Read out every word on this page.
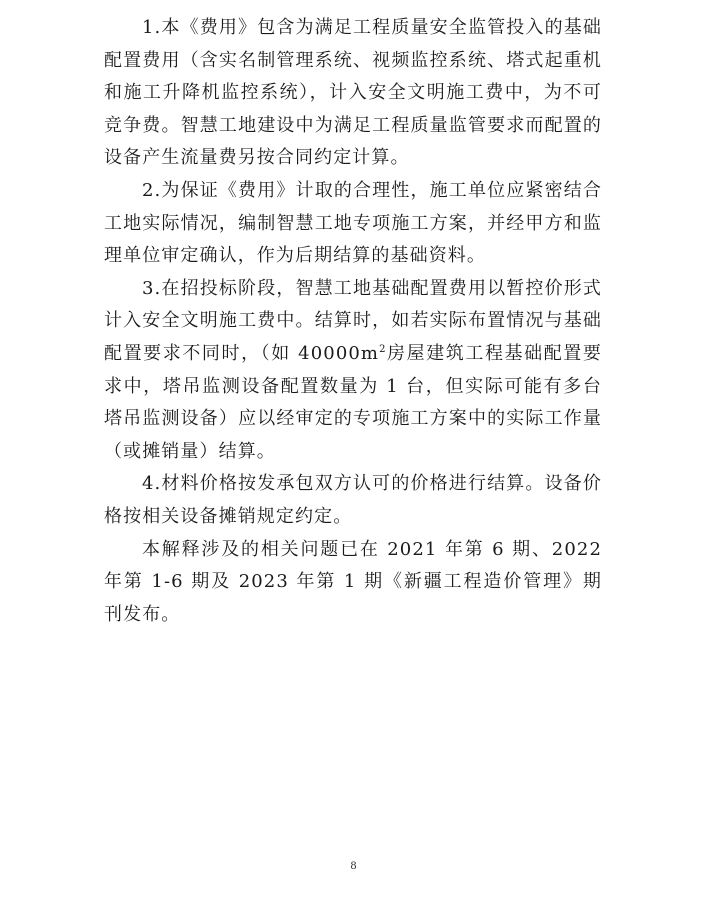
1.本《费用》包含为满足工程质量安全监管投入的基础配置费用（含实名制管理系统、视频监控系统、塔式起重机和施工升降机监控系统），计入安全文明施工费中，为不可竞争费。智慧工地建设中为满足工程质量监管要求而配置的设备产生流量费另按合同约定计算。

2.为保证《费用》计取的合理性，施工单位应紧密结合工地实际情况，编制智慧工地专项施工方案，并经甲方和监理单位审定确认，作为后期结算的基础资料。

3.在招投标阶段，智慧工地基础配置费用以暂控价形式计入安全文明施工费中。结算时，如若实际布置情况与基础配置要求不同时，（如 $40000m^2$房屋建筑工程基础配置要求中，塔吊监测设备配置数量为 1 台，但实际可能有多台塔吊监测设备）应以经审定的专项施工方案中的实际工作量（或摊销量）结算。

4.材料价格按发承包双方认可的价格进行结算。设备价格按相关设备摊销规定约定。

本解释涉及的相关问题已在 2021 年第 6 期、2022 年第 1-6 期及 2023 年第 1 期《新疆工程造价管理》期刊发布。

8
